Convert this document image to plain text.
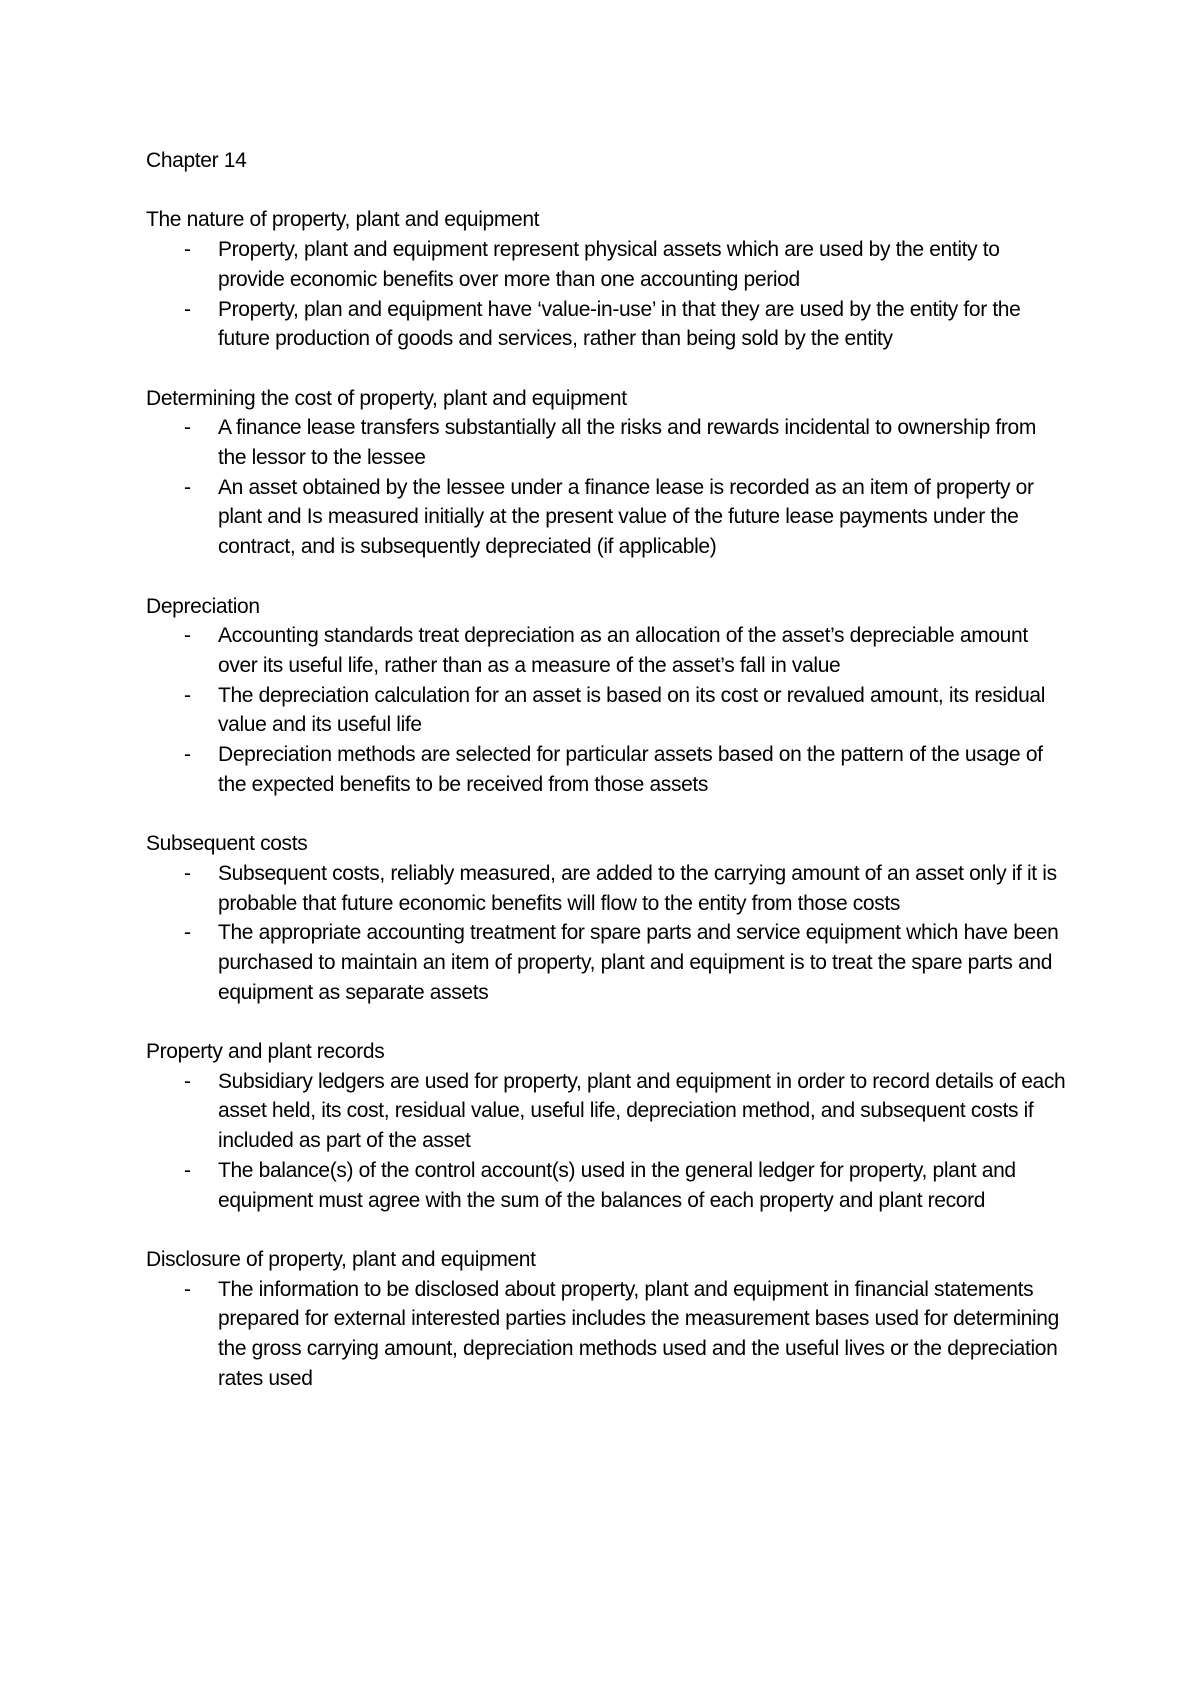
Chapter 14
The nature of property, plant and equipment
- Property, plant and equipment represent physical assets which are used by the entity to provide economic benefits over more than one accounting period
- Property, plan and equipment have ‘value-in-use’ in that they are used by the entity for the future production of goods and services, rather than being sold by the entity
Determining the cost of property, plant and equipment
- A finance lease transfers substantially all the risks and rewards incidental to ownership from the lessor to the lessee
- An asset obtained by the lessee under a finance lease is recorded as an item of property or plant and Is measured initially at the present value of the future lease payments under the contract, and is subsequently depreciated (if applicable)
Depreciation
- Accounting standards treat depreciation as an allocation of the asset’s depreciable amount over its useful life, rather than as a measure of the asset’s fall in value
- The depreciation calculation for an asset is based on its cost or revalued amount, its residual value and its useful life
- Depreciation methods are selected for particular assets based on the pattern of the usage of the expected benefits to be received from those assets
Subsequent costs
- Subsequent costs, reliably measured, are added to the carrying amount of an asset only if it is probable that future economic benefits will flow to the entity from those costs
- The appropriate accounting treatment for spare parts and service equipment which have been purchased to maintain an item of property, plant and equipment is to treat the spare parts and equipment as separate assets
Property and plant records
- Subsidiary ledgers are used for property, plant and equipment in order to record details of each asset held, its cost, residual value, useful life, depreciation method, and subsequent costs if included as part of the asset
- The balance(s) of the control account(s) used in the general ledger for property, plant and equipment must agree with the sum of the balances of each property and plant record
Disclosure of property, plant and equipment
- The information to be disclosed about property, plant and equipment in financial statements prepared for external interested parties includes the measurement bases used for determining the gross carrying amount, depreciation methods used and the useful lives or the depreciation rates used
